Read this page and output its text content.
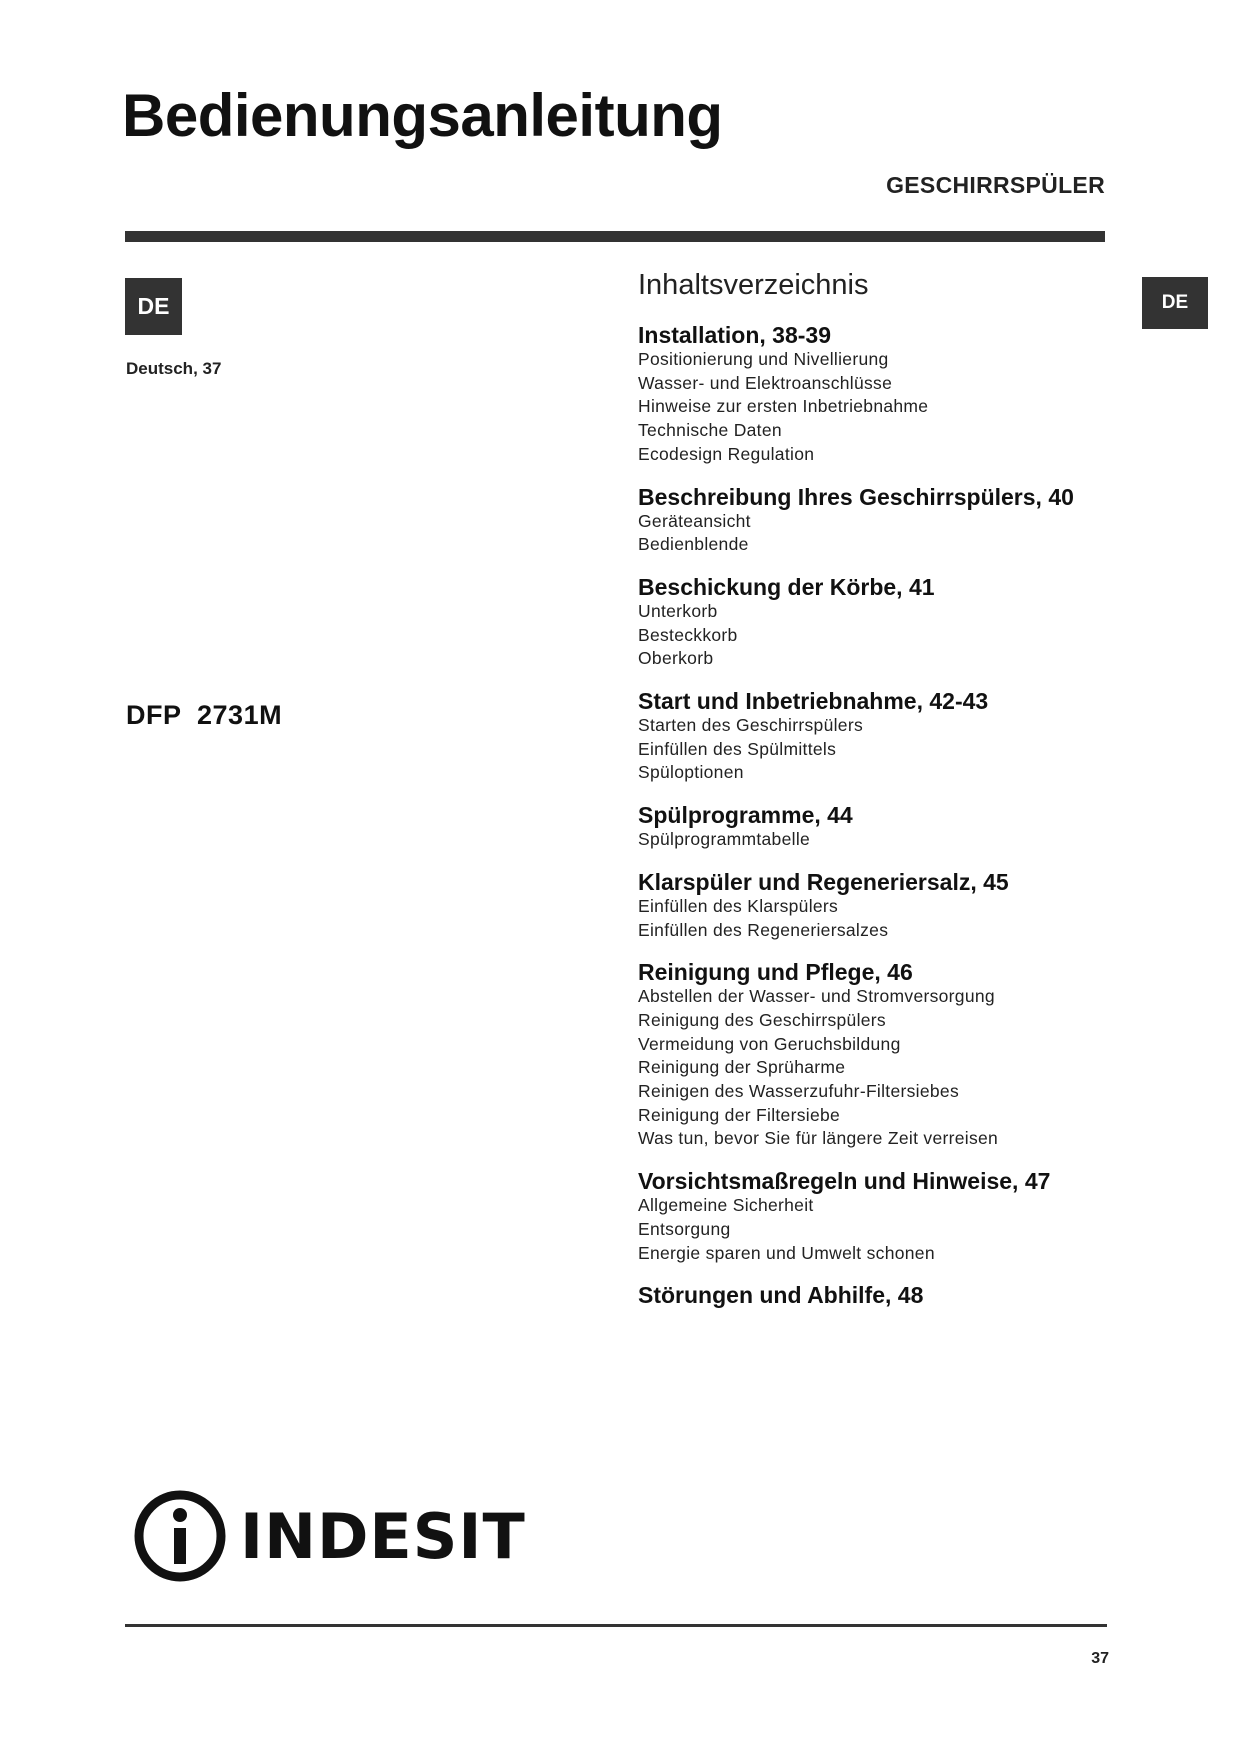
Bedienungsanleitung
GESCHIRRSPÜLER
DE	DE
Deutsch, 37
DFP  2731M
Inhaltsverzeichnis
Installation, 38-39
Positionierung und Nivellierung
Wasser- und Elektroanschlüsse
Hinweise zur ersten Inbetriebnahme
Technische Daten
Ecodesign Regulation
Beschreibung Ihres Geschirrspülers, 40
Geräteansicht
Bedienblende
Beschickung der Körbe, 41
Unterkorb
Besteckkorb
Oberkorb
Start und Inbetriebnahme, 42-43
Starten des Geschirrspülers
Einfüllen des Spülmittels
Spüloptionen
Spülprogramme, 44
Spülprogrammtabelle
Klarspüler und Regeneriersalz, 45
Einfüllen des Klarspülers
Einfüllen des Regeneriersalzes
Reinigung und Pflege, 46
Abstellen der Wasser- und Stromversorgung
Reinigung des Geschirrspülers
Vermeidung von Geruchsbildung
Reinigung der Sprüharme
Reinigen des Wasserzufuhr-Filtersiebes
Reinigung der Filtersiebe
Was tun, bevor Sie für längere Zeit verreisen
Vorsichtsmaßregeln und Hinweise, 47
Allgemeine Sicherheit
Entsorgung
Energie sparen und Umwelt schonen
Störungen und Abhilfe, 48
INDESIT
37
